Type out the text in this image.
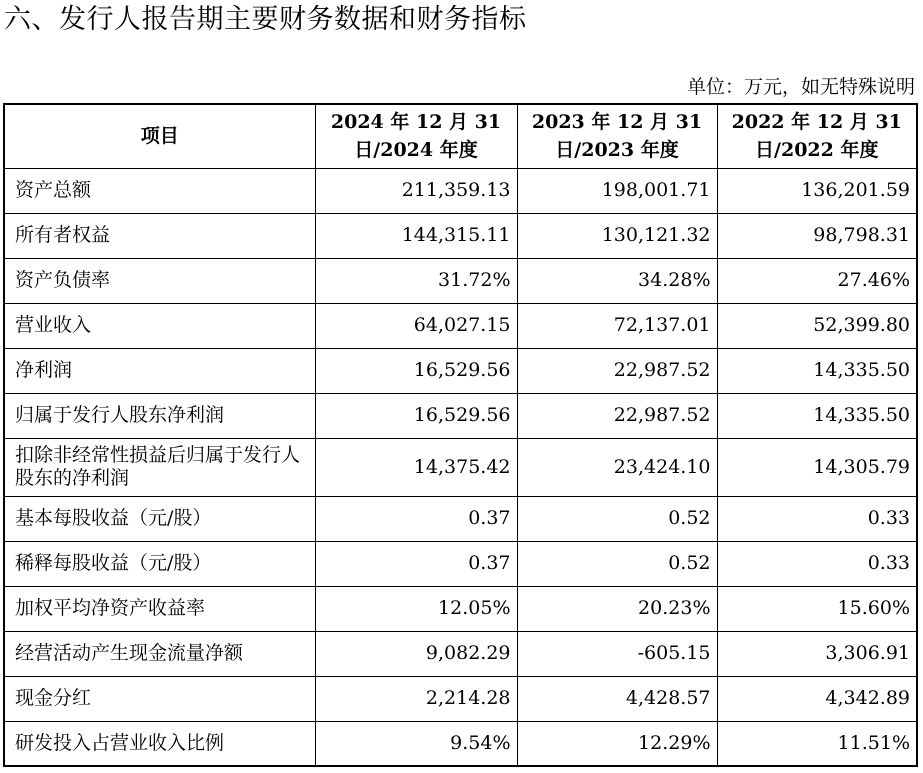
六、发行人报告期主要财务数据和财务指标
单位：万元，如无特殊说明
项目	2024 年 12 月 31 日/2024 年度	2023 年 12 月 31 日/2023 年度	2022 年 12 月 31 日/2022 年度
资产总额	211,359.13	198,001.71	136,201.59
所有者权益	144,315.11	130,121.32	98,798.31
资产负债率	31.72%	34.28%	27.46%
营业收入	64,027.15	72,137.01	52,399.80
净利润	16,529.56	22,987.52	14,335.50
归属于发行人股东净利润	16,529.56	22,987.52	14,335.50
扣除非经常性损益后归属于发行人股东的净利润	14,375.42	23,424.10	14,305.79
基本每股收益（元/股）	0.37	0.52	0.33
稀释每股收益（元/股）	0.37	0.52	0.33
加权平均净资产收益率	12.05%	20.23%	15.60%
经营活动产生现金流量净额	9,082.29	-605.15	3,306.91
现金分红	2,214.28	4,428.57	4,342.89
研发投入占营业收入比例	9.54%	12.29%	11.51%
